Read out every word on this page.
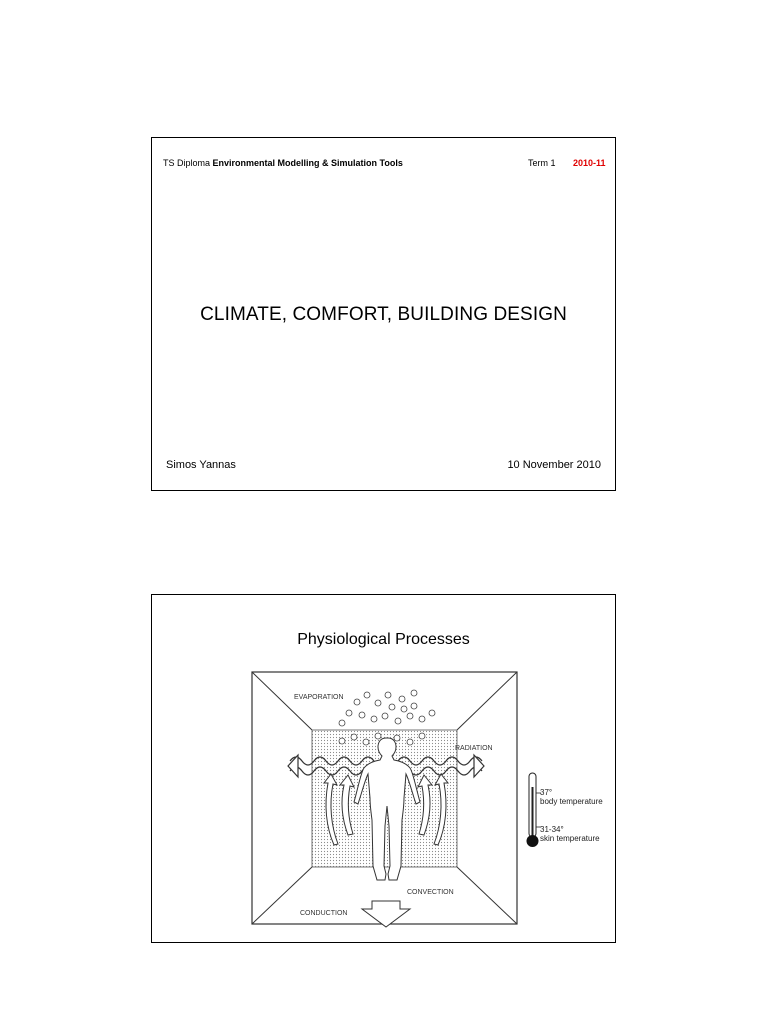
TS Diploma Environmental Modelling & Simulation Tools	Term 1 2010-11
CLIMATE, COMFORT, BUILDING DESIGN
Simos Yannas	10 November 2010
Physiological Processes
EVAPORATION
RADIATION
CONVECTION
CONDUCTION
37°
body temperature
31-34°
skin temperature
